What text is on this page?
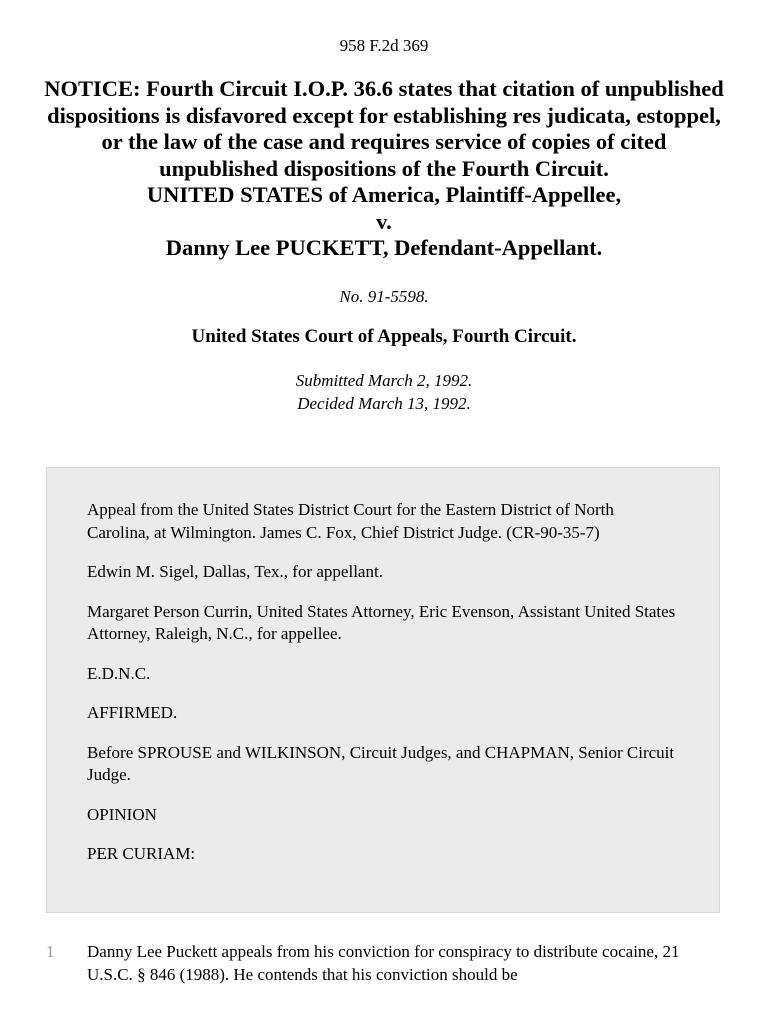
958 F.2d 369
NOTICE: Fourth Circuit I.O.P. 36.6 states that citation of unpublished dispositions is disfavored except for establishing res judicata, estoppel, or the law of the case and requires service of copies of cited unpublished dispositions of the Fourth Circuit.
UNITED STATES of America, Plaintiff-Appellee,
v.
Danny Lee PUCKETT, Defendant-Appellant.
No. 91-5598.
United States Court of Appeals, Fourth Circuit.
Submitted March 2, 1992.
Decided March 13, 1992.

Appeal from the United States District Court for the Eastern District of North Carolina, at Wilmington. James C. Fox, Chief District Judge. (CR-90-35-7)

Edwin M. Sigel, Dallas, Tex., for appellant.

Margaret Person Currin, United States Attorney, Eric Evenson, Assistant United States Attorney, Raleigh, N.C., for appellee.

E.D.N.C.

AFFIRMED.

Before SPROUSE and WILKINSON, Circuit Judges, and CHAPMAN, Senior Circuit Judge.

OPINION

PER CURIAM:

1 Danny Lee Puckett appeals from his conviction for conspiracy to distribute cocaine, 21 U.S.C. § 846 (1988). He contends that his conviction should be
